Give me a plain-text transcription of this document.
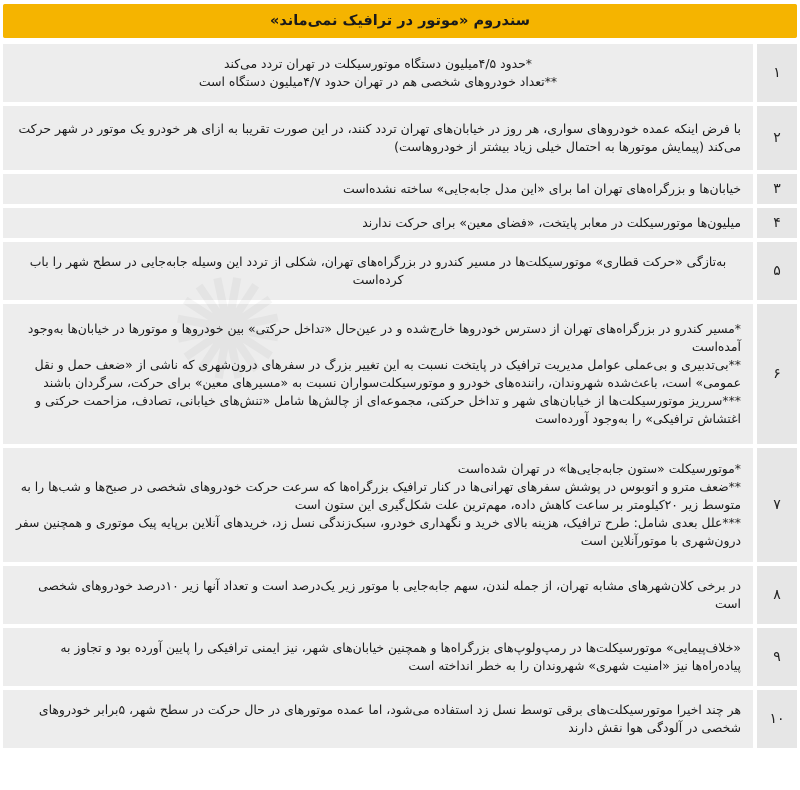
سندروم «موتور در ترافیک نمی‌ماند»
۱
*حدود ۴/۵میلیون دستگاه موتورسیکلت در تهران تردد می‌کند
**تعداد خودروهای شخصی هم در تهران حدود ۴/۷میلیون دستگاه است
۲
با فرض اینکه عمده خودروهای سواری، هر روز در خیابان‌های تهران تردد کنند، در این صورت تقریبا به ازای هر خودرو یک موتور در شهر حرکت می‌کند (پیمایش موتورها به احتمال خیلی زیاد بیشتر از خودروهاست)
۳
خیابان‌ها و بزرگراه‌های تهران اما برای «این مدل جابه‌جایی» ساخته نشده‌است
۴
میلیون‌ها موتورسیکلت در معابر پایتخت، «فضای معین» برای حرکت ندارند
۵
به‌تازگی «حرکت قطاری» موتورسیکلت‌ها در مسیر کندرو در بزرگراه‌های تهران، شکلی از تردد این وسیله جابه‌جایی در سطح شهر را باب کرده‌است
۶
*مسیر کندرو در بزرگراه‌های تهران از دسترس خودروها خارج‌شده و در عین‌حال «تداخل حرکتی» بین خودروها و موتورها در خیابان‌ها به‌وجود آمده‌است
**بی‌تدبیری و بی‌عملی عوامل مدیریت ترافیک در پایتخت نسبت به این تغییر بزرگ در سفرهای درون‌شهری که ناشی از «ضعف حمل و نقل عمومی» است، باعث‌شده شهروندان، راننده‌های خودرو و موتورسیکلت‌سواران نسبت به «مسیرهای معین» برای حرکت، سرگردان باشند
***سرریز موتورسیکلت‌ها از خیابان‌های شهر و تداخل حرکتی، مجموعه‌ای از چالش‌ها شامل «تنش‌های خیابانی، تصادف، مزاحمت حرکتی و اغتشاش ترافیکی» را به‌وجود آورده‌است
۷
*موتورسیکلت «ستون جابه‌جایی‌ها» در تهران شده‌است
**ضعف مترو و اتوبوس در پوشش سفرهای تهرانی‌ها در کنار ترافیک بزرگراه‌ها که سرعت حرکت خودروهای شخصی در صبح‌ها و شب‌ها را به متوسط زیر ۲۰کیلومتر بر ساعت کاهش داده، مهم‌ترین علت شکل‌گیری این ستون است
***علل بعدی شامل: طرح ترافیک، هزینه بالای خرید و نگهداری خودرو، سبک‌زندگی نسل زد، خریدهای آنلاین برپایه پیک موتوری و همچنین سفر درون‌شهری با موتورآنلاین است
۸
در برخی کلان‌شهرهای مشابه تهران، از جمله لندن، سهم جابه‌جایی با موتور زیر یک‌درصد است و تعداد آنها زیر ۱۰درصد خودروهای شخصی است
۹
«خلاف‌پیمایی» موتورسیکلت‌ها در رمپ‌ولوپ‌های بزرگراه‌ها و همچنین خیابان‌های شهر، نیز ایمنی ترافیکی را پایین آورده بود و تجاوز به پیاده‌راه‌ها نیز «امنیت شهری» شهروندان را به خطر انداخته است
۱۰
هر چند اخیرا موتورسیکلت‌های برقی توسط نسل زد استفاده می‌شود، اما عمده موتورهای در حال حرکت در سطح شهر، ۵برابر خودروهای شخصی در آلودگی هوا نقش دارند
